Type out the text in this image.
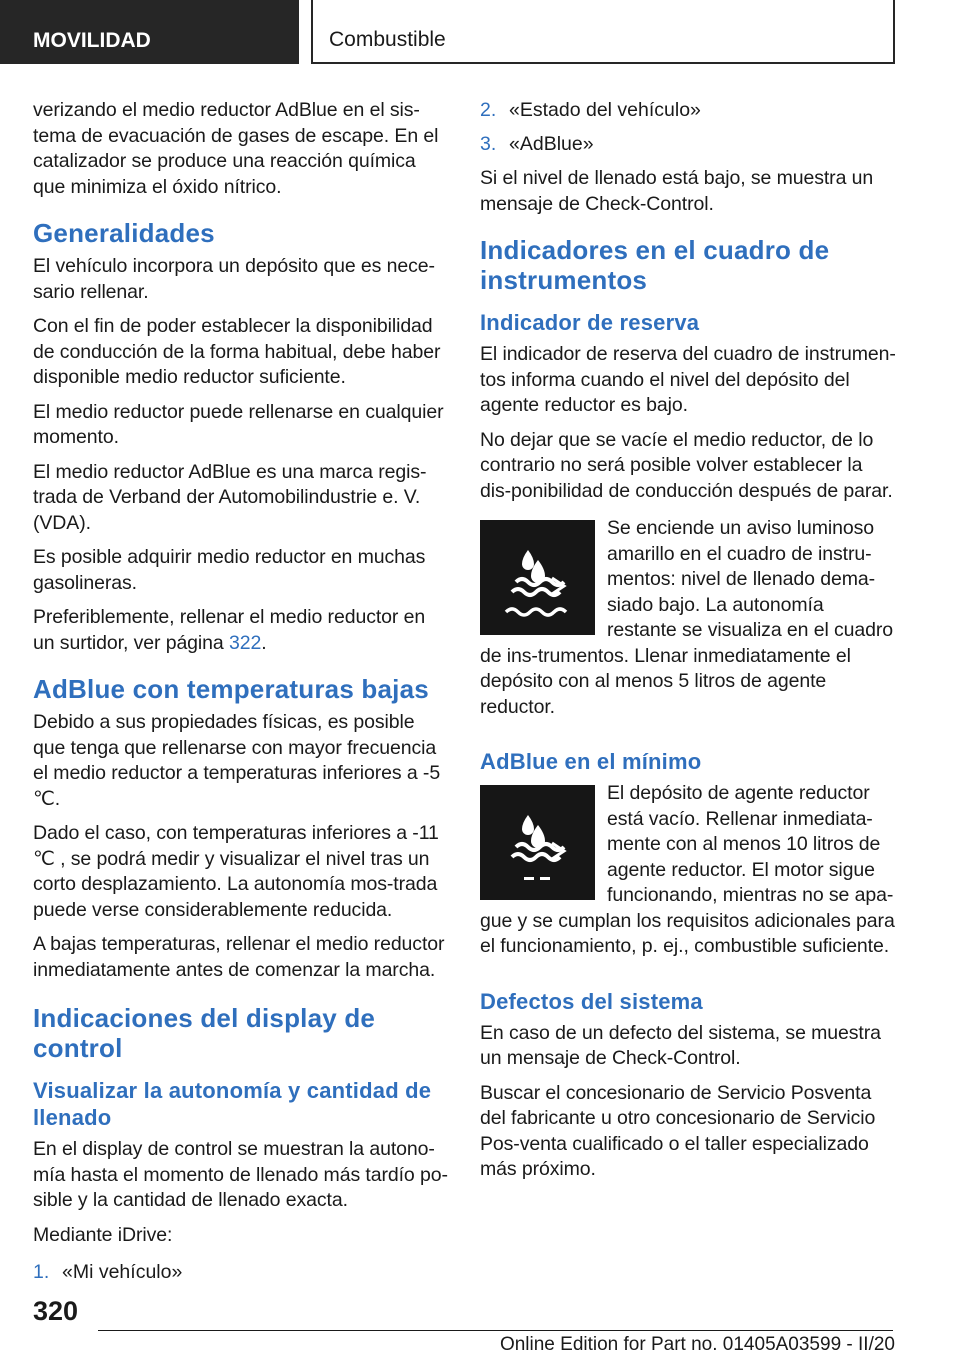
MOVILIDAD	Combustible

verizando el medio reductor AdBlue en el sis-tema de evacuación de gases de escape. En el catalizador se produce una reacción química que minimiza el óxido nítrico.

Generalidades

El vehículo incorpora un depósito que es nece-sario rellenar.

Con el fin de poder establecer la disponibilidad de conducción de la forma habitual, debe haber disponible medio reductor suficiente.

El medio reductor puede rellenarse en cualquier momento.

El medio reductor AdBlue es una marca regis-trada de Verband der Automobilindustrie e. V. (VDA).

Es posible adquirir medio reductor en muchas gasolineras.

Preferiblemente, rellenar el medio reductor en un surtidor, ver página 322.

AdBlue con temperaturas bajas

Debido a sus propiedades físicas, es posible que tenga que rellenarse con mayor frecuencia el medio reductor a temperaturas inferiores a -5 ℃.

Dado el caso, con temperaturas inferiores a -11 ℃ , se podrá medir y visualizar el nivel tras un corto desplazamiento. La autonomía mos-trada puede verse considerablemente reducida.

A bajas temperaturas, rellenar el medio reductor inmediatamente antes de comenzar la marcha.

Indicaciones del display de control
Visualizar la autonomía y cantidad de llenado

En el display de control se muestran la autono-mía hasta el momento de llenado más tardío po-sible y la cantidad de llenado exacta.

Mediante iDrive:

1. «Mi vehículo»
2. «Estado del vehículo»
3. «AdBlue»

Si el nivel de llenado está bajo, se muestra un mensaje de Check-Control.

Indicadores en el cuadro de instrumentos
Indicador de reserva

El indicador de reserva del cuadro de instrumen-tos informa cuando el nivel del depósito del agente reductor es bajo.

No dejar que se vacíe el medio reductor, de lo contrario no será posible volver establecer la dis-ponibilidad de conducción después de parar.

Se enciende un aviso luminoso amarillo en el cuadro de instru-mentos: nivel de llenado dema-siado bajo. La autonomía restante se visualiza en el cuadro de ins-trumentos. Llenar inmediatamente el depósito con al menos 5 litros de agente reductor.

AdBlue en el mínimo

El depósito de agente reductor está vacío. Rellenar inmediata-mente con al menos 10 litros de agente reductor. El motor sigue funcionando, mientras no se apa-gue y se cumplan los requisitos adicionales para el funcionamiento, p. ej., combustible suficiente.

Defectos del sistema

En caso de un defecto del sistema, se muestra un mensaje de Check-Control.

Buscar el concesionario de Servicio Posventa del fabricante u otro concesionario de Servicio Pos-venta cualificado o el taller especializado más próximo.

320
Online Edition for Part no. 01405A03599 - II/20
